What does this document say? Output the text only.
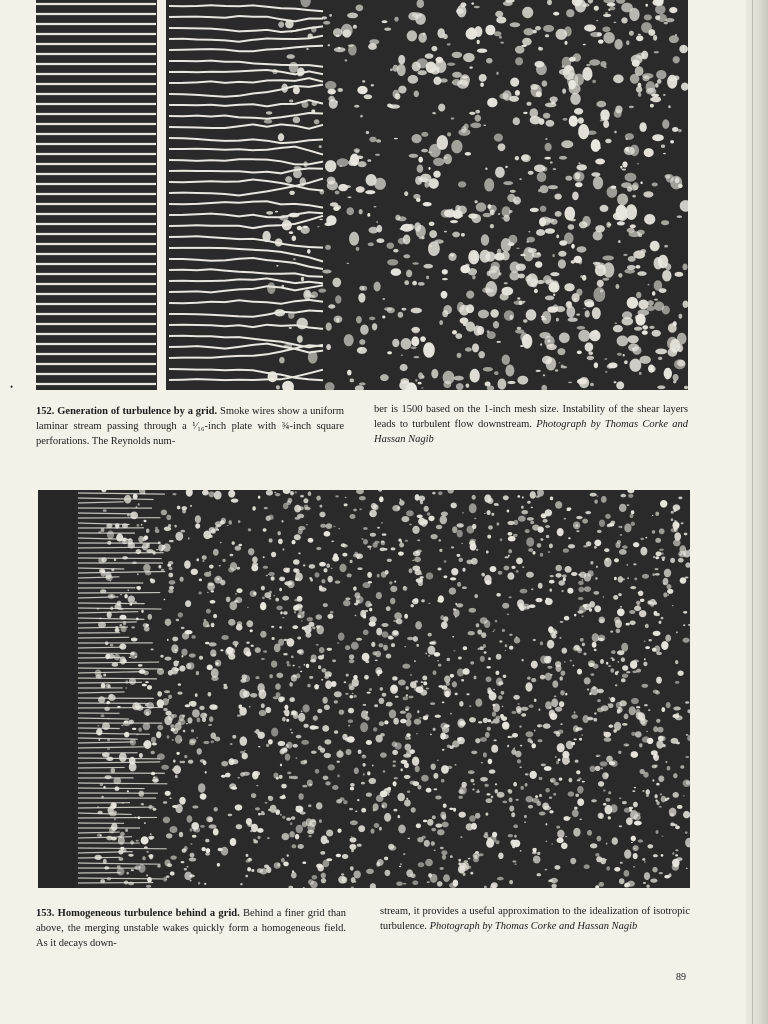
•
152. Generation of turbulence by a grid. Smoke wires show a uniform laminar stream passing through a ¹⁄₁₆-inch plate with ¾-inch square perforations. The Reynolds num-
ber is 1500 based on the 1-inch mesh size. Instability of the shear layers leads to turbulent flow downstream. Photograph by Thomas Corke and Hassan Nagib
153. Homogeneous turbulence behind a grid. Behind a finer grid than above, the merging unstable wakes quickly form a homogeneous field. As it decays down-
stream, it provides a useful approximation to the idealization of isotropic turbulence. Photograph by Thomas Corke and Hassan Nagib
89
